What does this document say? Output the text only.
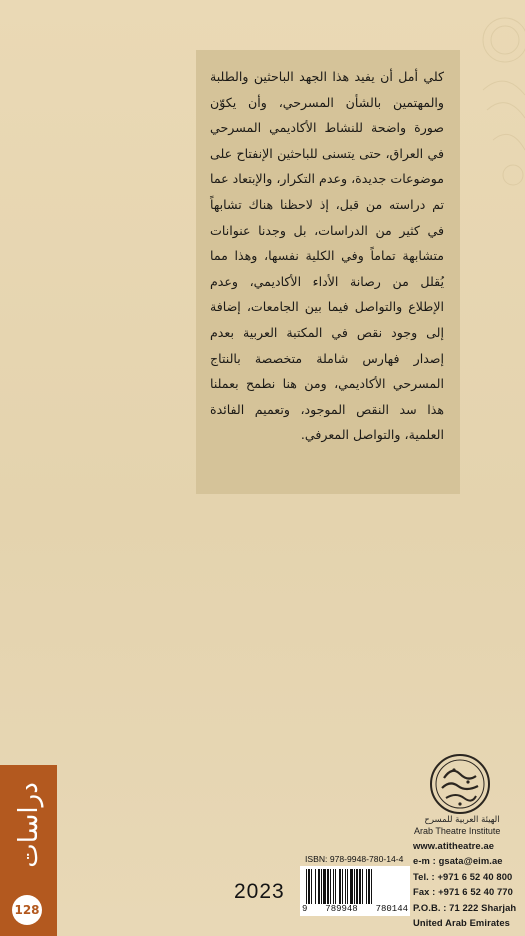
كلي أمل أن يفيد هذا الجهد الباحثين والطلبة والمهتمين بالشأن المسرحي، وأن يكوّن صورة واضحة للنشاط الأكاديمي المسرحي في العراق، حتى يتسنى للباحثين الإنفتاح على موضوعات جديدة، وعدم التكرار، والإبتعاد عما تم دراسته من قبل، إذ لاحظنا هناك تشابهاً في كثير من الدراسات، بل وجدنا عنوانات متشابهة تماماً وفي الكلية نفسها، وهذا مما يُقلل من رصانة الأداء الأكاديمي، وعدم الإطلاع والتواصل فيما بين الجامعات، إضافة إلى وجود نقص في المكتبة العربية بعدم إصدار فهارس شاملة متخصصة بالنتاج المسرحي الأكاديمي، ومن هنا نطمح بعملنا هذا سد النقص الموجود، وتعميم الفائدة العلمية، والتواصل المعرفي.

دراسات
128
الهيئة العربية للمسرح
Arab Theatre Institute
www.atitheatre.ae
e-m : gsata@eim.ae
Tel. : +971 6 52 40 800
Fax : +971 6 52 40 770
P.O.B. : 71 222 Sharjah
United Arab Emirates
ISBN: 978-9948-780-14-4
9 789948 780144
2023
